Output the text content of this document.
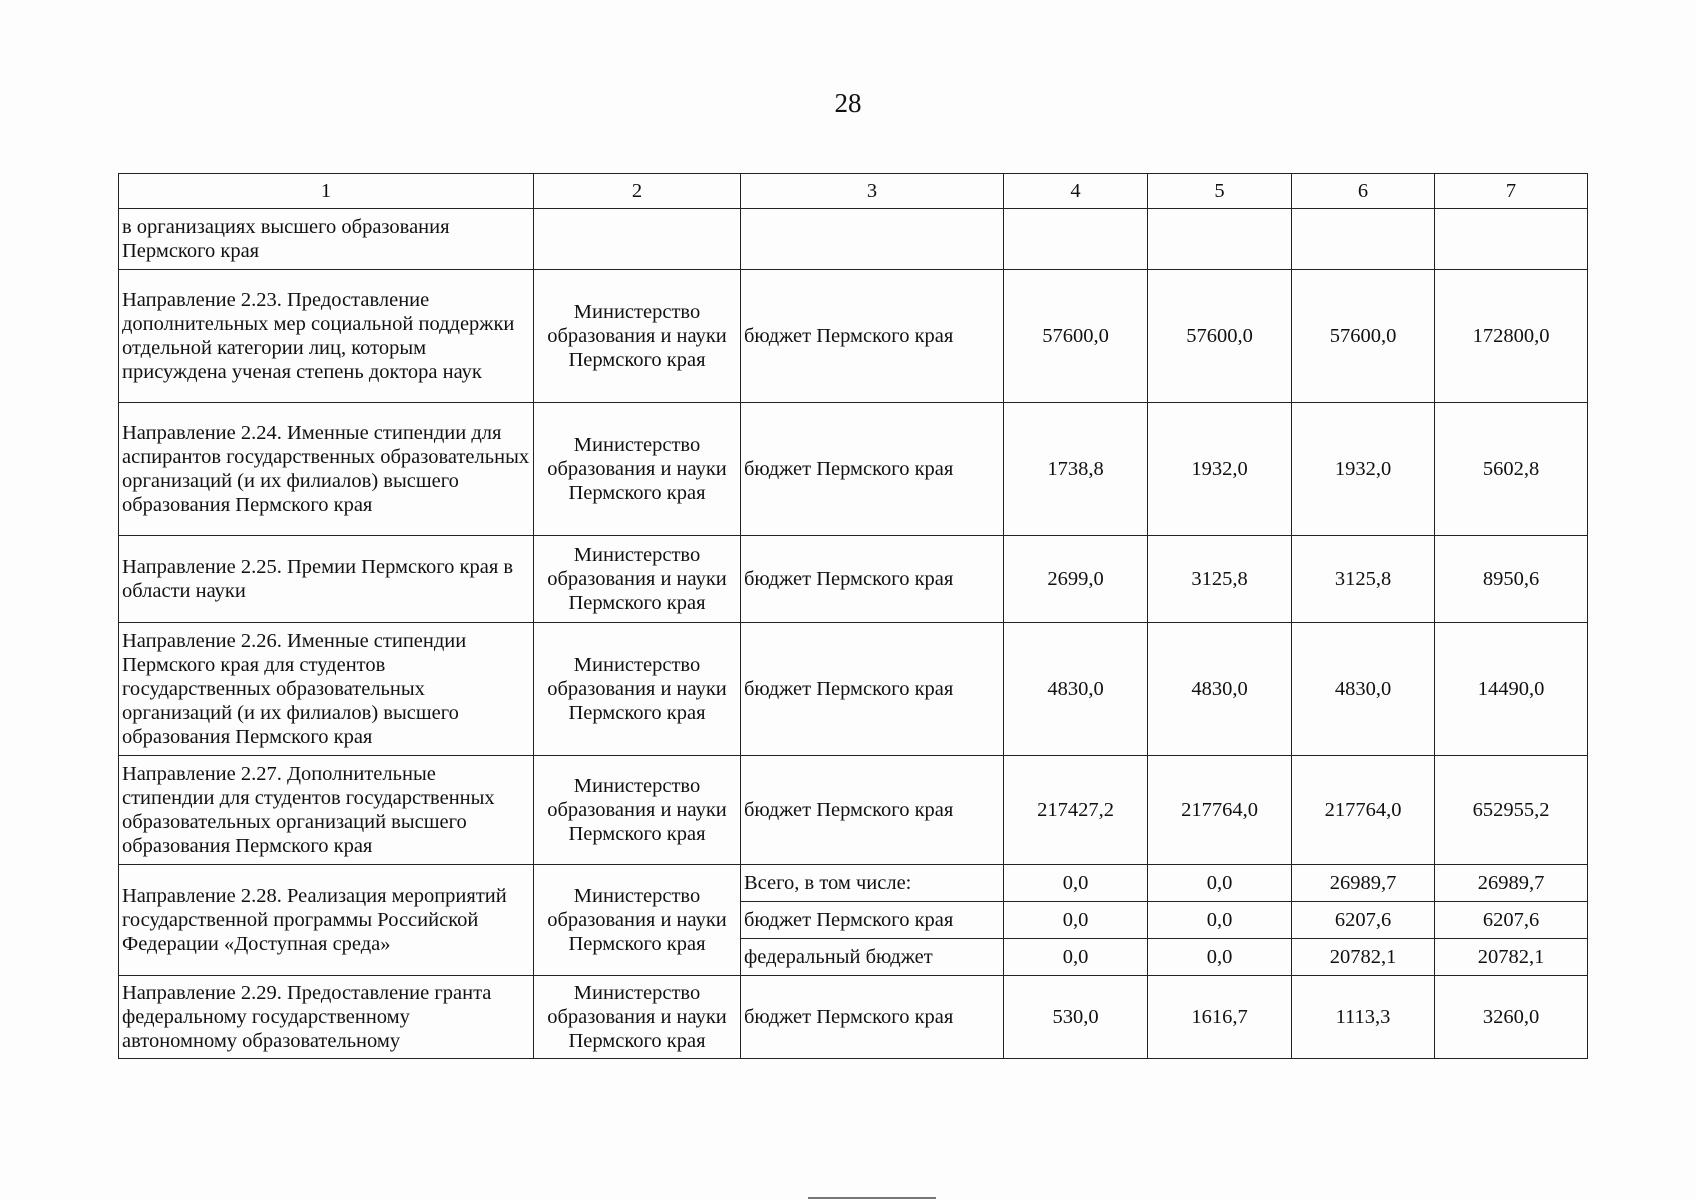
28
1	2	3	4	5	6	7
в организациях высшего образования Пермского края						
Направление 2.23. Предоставление дополнительных мер социальной поддержки отдельной категории лиц, которым присуждена ученая степень доктора наук	Министерство образования и науки Пермского края	бюджет Пермского края	57600,0	57600,0	57600,0	172800,0
Направление 2.24. Именные стипендии для аспирантов государственных образовательных организаций (и их филиалов) высшего образования Пермского края	Министерство образования и науки Пермского края	бюджет Пермского края	1738,8	1932,0	1932,0	5602,8
Направление 2.25. Премии Пермского края в области науки	Министерство образования и науки Пермского края	бюджет Пермского края	2699,0	3125,8	3125,8	8950,6
Направление 2.26. Именные стипендии Пермского края для студентов государственных образовательных организаций (и их филиалов) высшего образования Пермского края	Министерство образования и науки Пермского края	бюджет Пермского края	4830,0	4830,0	4830,0	14490,0
Направление 2.27. Дополнительные стипендии для студентов государственных образовательных организаций высшего образования Пермского края	Министерство образования и науки Пермского края	бюджет Пермского края	217427,2	217764,0	217764,0	652955,2
Направление 2.28. Реализация мероприятий государственной программы Российской Федерации «Доступная среда»	Министерство образования и науки Пермского края	Всего, в том числе:	0,0	0,0	26989,7	26989,7
		бюджет Пермского края	0,0	0,0	6207,6	6207,6
		федеральный бюджет	0,0	0,0	20782,1	20782,1
Направление 2.29. Предоставление гранта федеральному государственному автономному образовательному	Министерство образования и науки Пермского края	бюджет Пермского края	530,0	1616,7	1113,3	3260,0
